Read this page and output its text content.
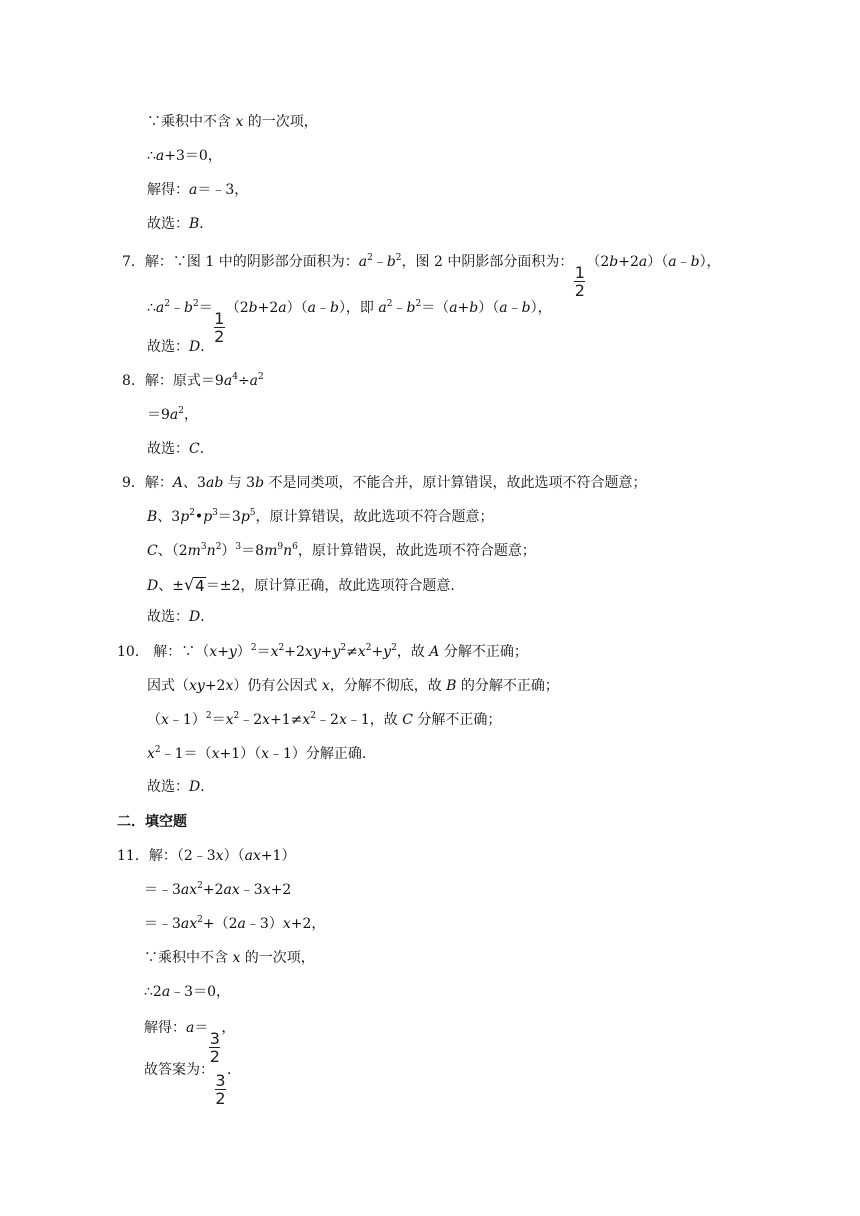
∵乘积中不含 x 的一次项，
∴a+3＝0，
解得：a＝﹣3，
故选：B．
7．解：∵图 1 中的阴影部分面积为：$a^2﹣b^2$，图 2 中阴影部分面积为：
$\frac{1}{2}$
（2b+2a）（a﹣b），
$\therefore a^2﹣b^2=$
$\frac{1}{2}$
（2b+2a）（a﹣b），即 $a^2﹣b^2=(a+b)(a﹣b)$，
故选：D．
8．解：原式$=9a^4\div a^2$
$=9a^2$，
故选：C．
9．解：A、3ab 与 3b 不是同类项，不能合并，原计算错误，故此选项不符合题意；
B、$3p^2•p^3=3p^5$，原计算错误，故此选项不符合题意；
C、$(2m^3n^2)^3=8m^9n^6$，原计算错误，故此选项不符合题意；
D、± √ 4 ＝±2，原计算正确，故此选项符合题意．
故选：D．
10． 解：$\because(x+y)^2=x^2+2xy+y^2\ne x^2+y^2$，故 A 分解不正确；
因式（xy+2x）仍有公因式 x，分解不彻底，故 B 的分解不正确；
$(x﹣1)^2=x^2﹣2x+1\ne x^2﹣2x﹣1$，故 C 分解不正确；
$x^2﹣1=(x+1)(x﹣1)$分解正确．
故选：D．
二．填空题
11．解：（2﹣3x）（ax+1）
$=﹣3ax^2+2ax﹣3x+2$
$=﹣3ax^2+(2a﹣3)x+2$，
∵乘积中不含 x 的一次项，
∴2a﹣3＝0，
解得：a＝
$\frac{3}{2}$
，
故答案为：
$\frac{3}{2}$
．
